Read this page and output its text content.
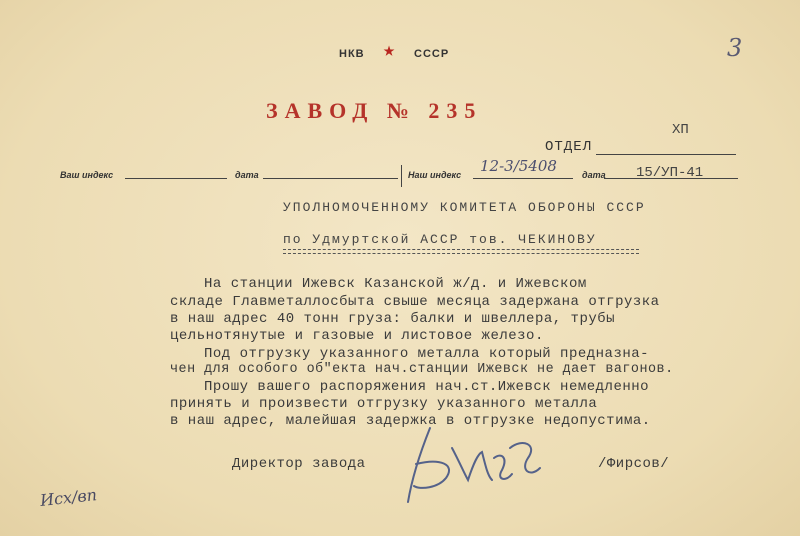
3
НКВ ★ СССР
ЗАВОД № 235
ОТДЕЛ
ХП
Ваш индекс	дата	Наш индекс 12-3/5408	дата 15/УП-41
УПОЛНОМОЧЕННОМУ КОМИТЕТА ОБОРОНЫ СССР
по Удмуртской АССР тов. ЧЕКИНОВУ
На станции Ижевск Казанской ж/д. и Ижевском
складе Главметаллосбыта свыше месяца задержана отгрузка
в наш адрес 40 тонн груза: балки и швеллера, трубы
цельнотянутые и газовые и листовое железо.
Под отгрузку указанного металла который предназна-
чен для особого об"екта нач.станции Ижевск не дает вагонов.
Прошу вашего распоряжения нач.ст.Ижевск немедленно
принять и произвести отгрузку указанного металла
в наш адрес, малейшая задержка в отгрузке недопустима.
Директор завода	/Фирсов/
Исх/вп
